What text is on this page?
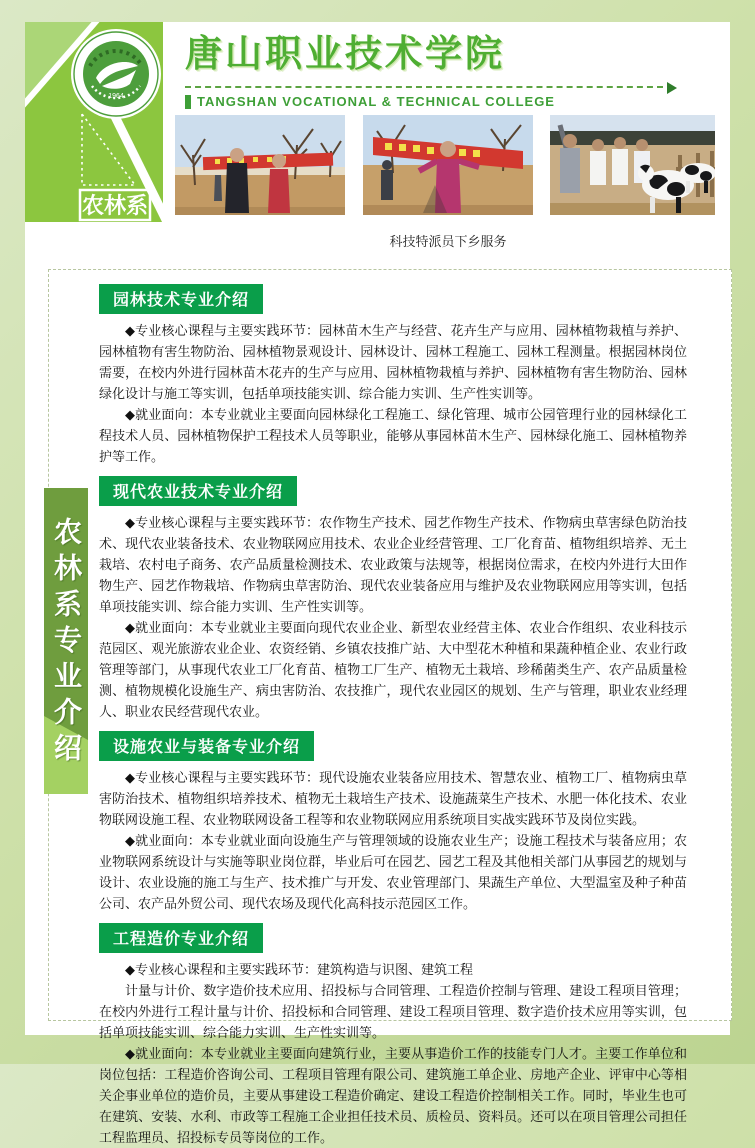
农林系
1964
唐山职业技术学院
TANGSHAN VOCATIONAL & TECHNICAL COLLEGE
科技特派员下乡服务
园林技术专业介绍

◆专业核心课程与主要实践环节：园林苗木生产与经营、花卉生产与应用、园林植物栽植与养护、园林植物有害生物防治、园林植物景观设计、园林设计、园林工程施工、园林工程测量。根据园林岗位需要，在校内外进行园林苗木花卉的生产与应用、园林植物栽植与养护、园林植物有害生物防治、园林绿化设计与施工等实训，包括单项技能实训、综合能力实训、生产性实训等。

◆就业面向：本专业就业主要面向园林绿化工程施工、绿化管理、城市公园管理行业的园林绿化工程技术人员、园林植物保护工程技术人员等职业，能够从事园林苗木生产、园林绿化施工、园林植物养护等工作。

现代农业技术专业介绍

◆专业核心课程与主要实践环节：农作物生产技术、园艺作物生产技术、作物病虫草害绿色防治技术、现代农业装备技术、农业物联网应用技术、农业企业经营管理、工厂化育苗、植物组织培养、无土栽培、农村电子商务、农产品质量检测技术、农业政策与法规等，根据岗位需求，在校内外进行大田作物生产、园艺作物栽培、作物病虫草害防治、现代农业装备应用与维护及农业物联网应用等实训，包括单项技能实训、综合能力实训、生产性实训等。

◆就业面向：本专业就业主要面向现代农业企业、新型农业经营主体、农业合作组织、农业科技示范园区、观光旅游农业企业、农资经销、乡镇农技推广站、大中型花木种植和果蔬种植企业、农业行政管理等部门，从事现代农业工厂化育苗、植物工厂生产、植物无土栽培、珍稀菌类生产、农产品质量检测、植物规模化设施生产、病虫害防治、农技推广，现代农业园区的规划、生产与管理，职业农业经理人、职业农民经营现代农业。

设施农业与装备专业介绍

◆专业核心课程与主要实践环节：现代设施农业装备应用技术、智慧农业、植物工厂、植物病虫草害防治技术、植物组织培养技术、植物无土栽培生产技术、设施蔬菜生产技术、水肥一体化技术、农业物联网设施工程、农业物联网设备工程等和农业物联网应用系统项目实战实践环节及岗位实践。

◆就业面向：本专业就业面向设施生产与管理领域的设施农业生产；设施工程技术与装备应用；农业物联网系统设计与实施等职业岗位群，毕业后可在园艺、园艺工程及其他相关部门从事园艺的规划与设计、农业设施的施工与生产、技术推广与开发、农业管理部门、果蔬生产单位、大型温室及种子种苗公司、农产品外贸公司、现代农场及现代化高科技示范园区工作。

工程造价专业介绍

◆专业核心课程和主要实践环节：建筑构造与识图、建筑工程

计量与计价、数字造价技术应用、招投标与合同管理、工程造价控制与管理、建设工程项目管理；在校内外进行工程计量与计价、招投标和合同管理、建设工程项目管理、数字造价技术应用等实训，包括单项技能实训、综合能力实训、生产性实训等。

◆就业面向：本专业就业主要面向建筑行业，主要从事造价工作的技能专门人才。主要工作单位和岗位包括：工程造价咨询公司、工程项目管理有限公司、建筑施工单企业、房地产企业、评审中心等相关企事业单位的造价员，主要从事建设工程造价确定、建设工程造价控制相关工作。同时，毕业生也可在建筑、安装、水利、市政等工程施工企业担任技术员、质检员、资料员。还可以在项目管理公司担任工程监理员、招投标专员等岗位的工作。

农林系专业介绍
